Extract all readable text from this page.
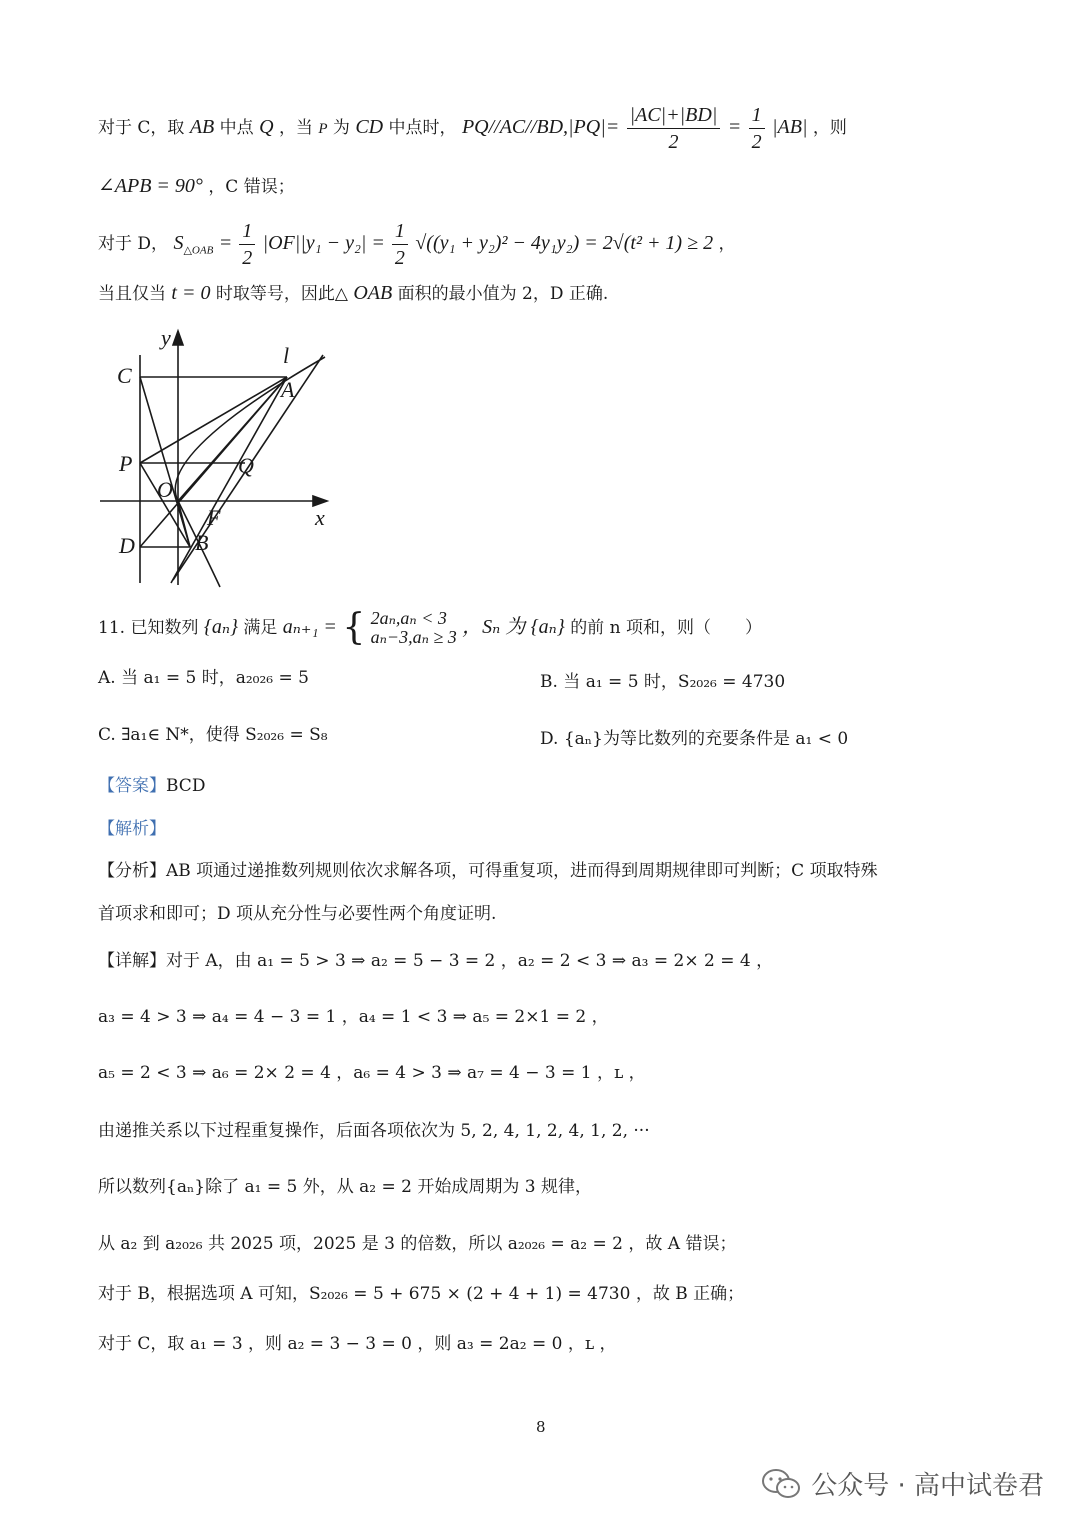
对于 C，取 AB 中点 Q ，当 P 为 CD 中点时， $PQ//AC//BD,|PQ|= \frac{|AC|+|BD|}{2} = \frac{1}{2} |AB|$ ，则
∠APB = 90° ，C 错误；
对于 D， $S_{\triangle OAB} = \frac{1}{2} |OF||y_1 - y_2| = \frac{1}{2} √((y_1 + y_2)^2 - 4y_1y_2) = 2√(t^2 + 1) \ge 2$ ，
当且仅当 t = 0 时取等号，因此△ OAB 面积的最小值为 2，D 正确.
y
x
l
A
C
P	Q
O
F
D	B
11. 已知数列 {aₙ} 满足 aₙ₊₁ = { 2aₙ,aₙ < 3
aₙ−3,aₙ ≥ 3 ，Sₙ 为 {aₙ} 的前 n 项和，则（　　）
A. 当 a₁ = 5 时，a₂₀₂₆ = 5	B. 当 a₁ = 5 时，S₂₀₂₆ = 4730
C. ∃a₁∈ N*，使得 S₂₀₂₆ = S₈	D. {aₙ}为等比数列的充要条件是 a₁ < 0
【答案】BCD
【解析】
【分析】AB 项通过递推数列规则依次求解各项，可得重复项，进而得到周期规律即可判断；C 项取特殊
首项求和即可；D 项从充分性与必要性两个角度证明.
【详解】对于 A，由 a₁ = 5 > 3 ⇒ a₂ = 5 − 3 = 2 ，a₂ = 2 < 3 ⇒ a₃ = 2× 2 = 4 ，
a₃ = 4 > 3 ⇒ a₄ = 4 − 3 = 1 ，a₄ = 1 < 3 ⇒ a₅ = 2×1 = 2 ，
a₅ = 2 < 3 ⇒ a₆ = 2× 2 = 4 ，a₆ = 4 > 3 ⇒ a₇ = 4 − 3 = 1 ，ʟ ，
由递推关系以下过程重复操作，后面各项依次为 5, 2, 4, 1, 2, 4, 1, 2, ···
所以数列{aₙ}除了 a₁ = 5 外，从 a₂ = 2 开始成周期为 3 规律，
从 a₂ 到 a₂₀₂₆ 共 2025 项，2025 是 3 的倍数，所以 a₂₀₂₆ = a₂ = 2 ，故 A 错误；
对于 B，根据选项 A 可知，S₂₀₂₆ = 5 + 675 × (2 + 4 + 1) = 4730 ，故 B 正确；
对于 C，取 a₁ = 3 ，则 a₂ = 3 − 3 = 0 ，则 a₃ = 2a₂ = 0 ，ʟ ，
8
公众号 · 高中试卷君
